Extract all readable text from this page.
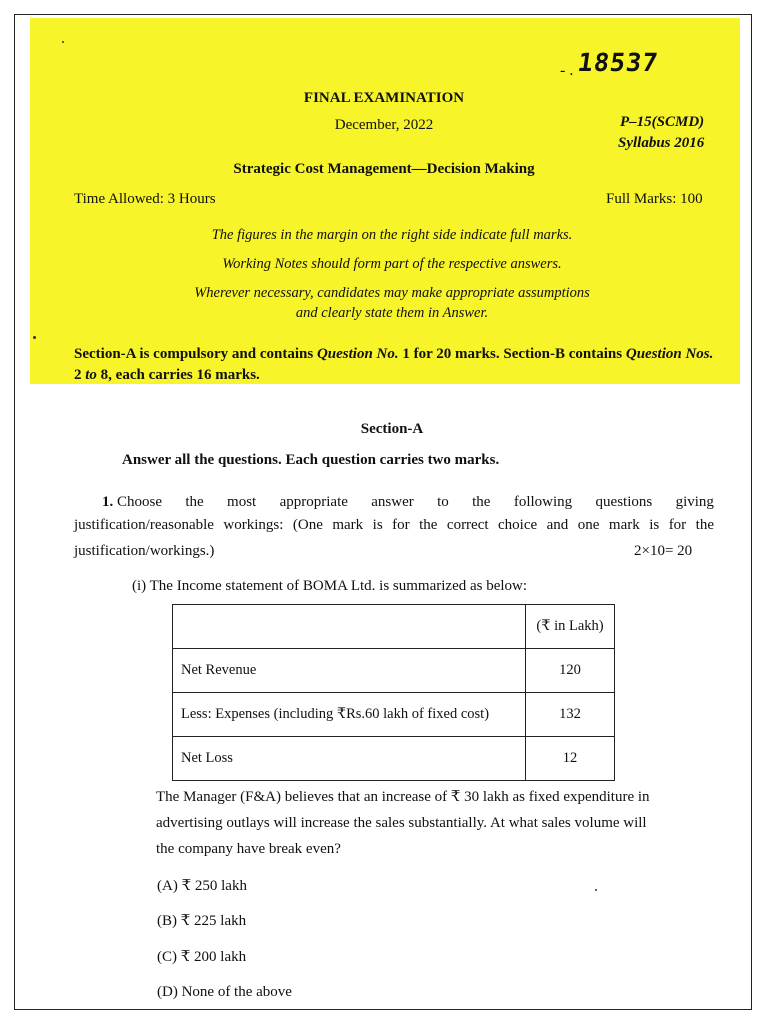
- . 18537
FINAL EXAMINATION
December, 2022	P–15(SCMD)
Syllabus 2016
Strategic Cost Management—Decision Making
Time Allowed: 3 Hours	Full Marks: 100
The figures in the margin on the right side indicate full marks.
Working Notes should form part of the respective answers.
Wherever necessary, candidates may make appropriate assumptions
and clearly state them in Answer.
Section-A is compulsory and contains Question No. 1 for 20 marks. Section-B contains Question Nos. 2 to 8, each carries 16 marks.
Section-A
Answer all the questions. Each question carries two marks.
1. Choose the most appropriate answer to the following questions giving
justification/reasonable workings: (One mark is for the correct choice and one mark is for the
justification/workings.)	2×10= 20
(i) The Income statement of BOMA Ltd. is summarized as below:
	(₹ in Lakh)
Net Revenue	120
Less: Expenses (including ₹Rs.60 lakh of fixed cost)	132
Net Loss	12
The Manager (F&A) believes that an increase of ₹ 30 lakh as fixed expenditure in
advertising outlays will increase the sales substantially. At what sales volume will
the company have break even?
(A) ₹ 250 lakh
(B) ₹ 225 lakh
(C) ₹ 200 lakh
(D) None of the above
